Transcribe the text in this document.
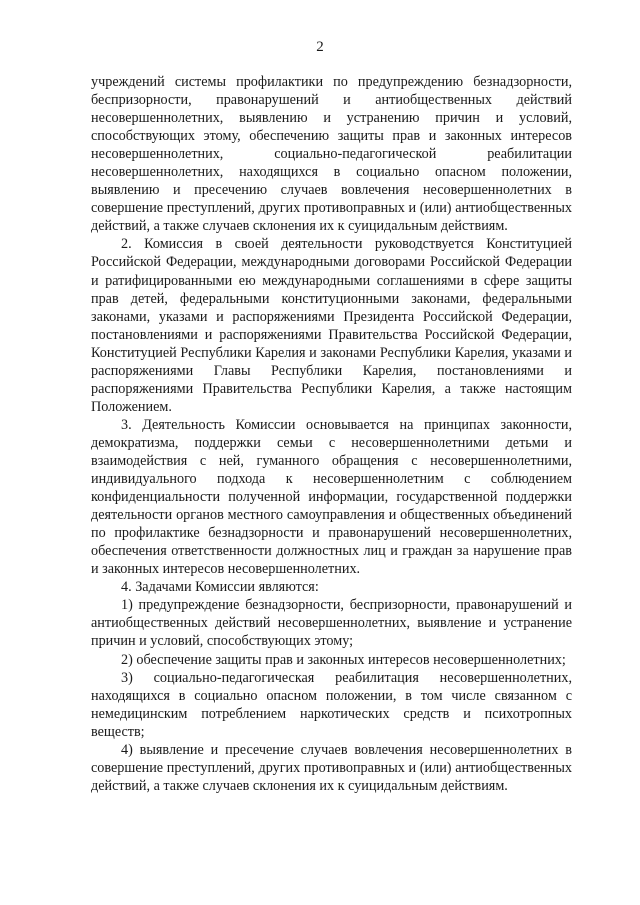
2

учреждений системы профилактики по предупреждению безнадзорности, беспризорности, правонарушений и антиобщественных действий несовершеннолетних, выявлению и устранению причин и условий, способствующих этому, обеспечению защиты прав и законных интересов несовершеннолетних, социально-педагогической реабилитации несовершеннолетних, находящихся в социально опасном положении, выявлению и пресечению случаев вовлечения несовершеннолетних в совершение преступлений, других противоправных и (или) антиобщественных действий, а также случаев склонения их к суицидальным действиям.

2. Комиссия в своей деятельности руководствуется Конституцией Российской Федерации, международными договорами Российской Федерации и ратифицированными ею международными соглашениями в сфере защиты прав детей, федеральными конституционными законами, федеральными законами, указами и распоряжениями Президента Российской Федерации, постановлениями и распоряжениями Правительства Российской Федерации, Конституцией Республики Карелия и законами Республики Карелия, указами и распоряжениями Главы Республики Карелия, постановлениями и распоряжениями Правительства Республики Карелия, а также настоящим Положением.

3. Деятельность Комиссии основывается на принципах законности, демократизма, поддержки семьи с несовершеннолетними детьми и взаимодействия с ней, гуманного обращения с несовершеннолетними, индивидуального подхода к несовершеннолетним с соблюдением конфиденциальности полученной информации, государственной поддержки деятельности органов местного самоуправления и общественных объединений по профилактике безнадзорности и правонарушений несовершеннолетних, обеспечения ответственности должностных лиц и граждан за нарушение прав и законных интересов несовершеннолетних.

4. Задачами Комиссии являются:

1) предупреждение безнадзорности, беспризорности, правонарушений и антиобщественных действий несовершеннолетних, выявление и устранение причин и условий, способствующих этому;

2) обеспечение защиты прав и законных интересов несовершеннолетних;

3) социально-педагогическая реабилитация несовершеннолетних, находящихся в социально опасном положении, в том числе связанном с немедицинским потреблением наркотических средств и психотропных веществ;

4) выявление и пресечение случаев вовлечения несовершеннолетних в совершение преступлений, других противоправных и (или) антиобщественных действий, а также случаев склонения их к суицидальным действиям.
